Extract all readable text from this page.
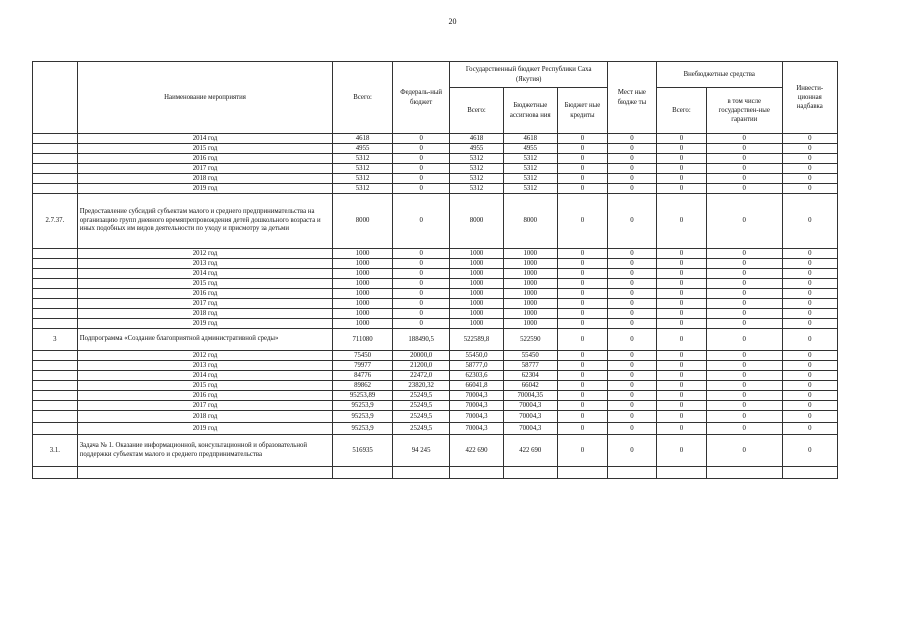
20
	Наименование мероприятия	Всего:	Федераль-ный бюджет	Государственный бюджет Республики Саха (Якутия)			Мест ные бюдже ты	Внебюджетные средства		Инвести-ционная надбавка
				Всего:	Бюджетные ассигнова ния	Бюджет ные кредиты		Всего:	в том числе государствен-ные гарантии	
	2014 год	4618	0	4618	4618	0	0	0	0	0
	2015 год	4955	0	4955	4955	0	0	0	0	0
	2016 год	5312	0	5312	5312	0	0	0	0	0
	2017 год	5312	0	5312	5312	0	0	0	0	0
	2018 год	5312	0	5312	5312	0	0	0	0	0
	2019 год	5312	0	5312	5312	0	0	0	0	0
2.7.37.	Предоставление субсидий субъектам малого и среднего предпринимательства на организацию групп дневного времяпрепровождения детей дошкольного возраста и иных подобных им видов деятельности по уходу и присмотру за детьми	8000	0	8000	8000	0	0	0	0	0
	2012 год	1000	0	1000	1000	0	0	0	0	0
	2013 год	1000	0	1000	1000	0	0	0	0	0
	2014 год	1000	0	1000	1000	0	0	0	0	0
	2015 год	1000	0	1000	1000	0	0	0	0	0
	2016 год	1000	0	1000	1000	0	0	0	0	0
	2017 год	1000	0	1000	1000	0	0	0	0	0
	2018 год	1000	0	1000	1000	0	0	0	0	0
	2019 год	1000	0	1000	1000	0	0	0	0	0
3	Подпрограмма «Создание благоприятной административной среды»	711080	188490,5	522589,8	522590	0	0	0	0	0
	2012 год	75450	20000,0	55450,0	55450	0	0	0	0	0
	2013 год	79977	21200,0	58777,0	58777	0	0	0	0	0
	2014 год	84776	22472,0	62303,6	62304	0	0	0	0	0
	2015 год	89862	23820,32	66041,8	66042	0	0	0	0	0
	2016 год	95253,89	25249,5	70004,3	70004,35	0	0	0	0	0
	2017 год	95253,9	25249,5	70004,3	70004,3	0	0	0	0	0
	2018 год	95253,9	25249,5	70004,3	70004,3	0	0	0	0	0
	2019 год	95253,9	25249,5	70004,3	70004,3	0	0	0	0	0
3.1.	Задача № 1. Оказание информационной, консультационной и образовательной поддержки субъектам малого и среднего предпринимательства	516935	94 245	422 690	422 690	0	0	0	0	0
